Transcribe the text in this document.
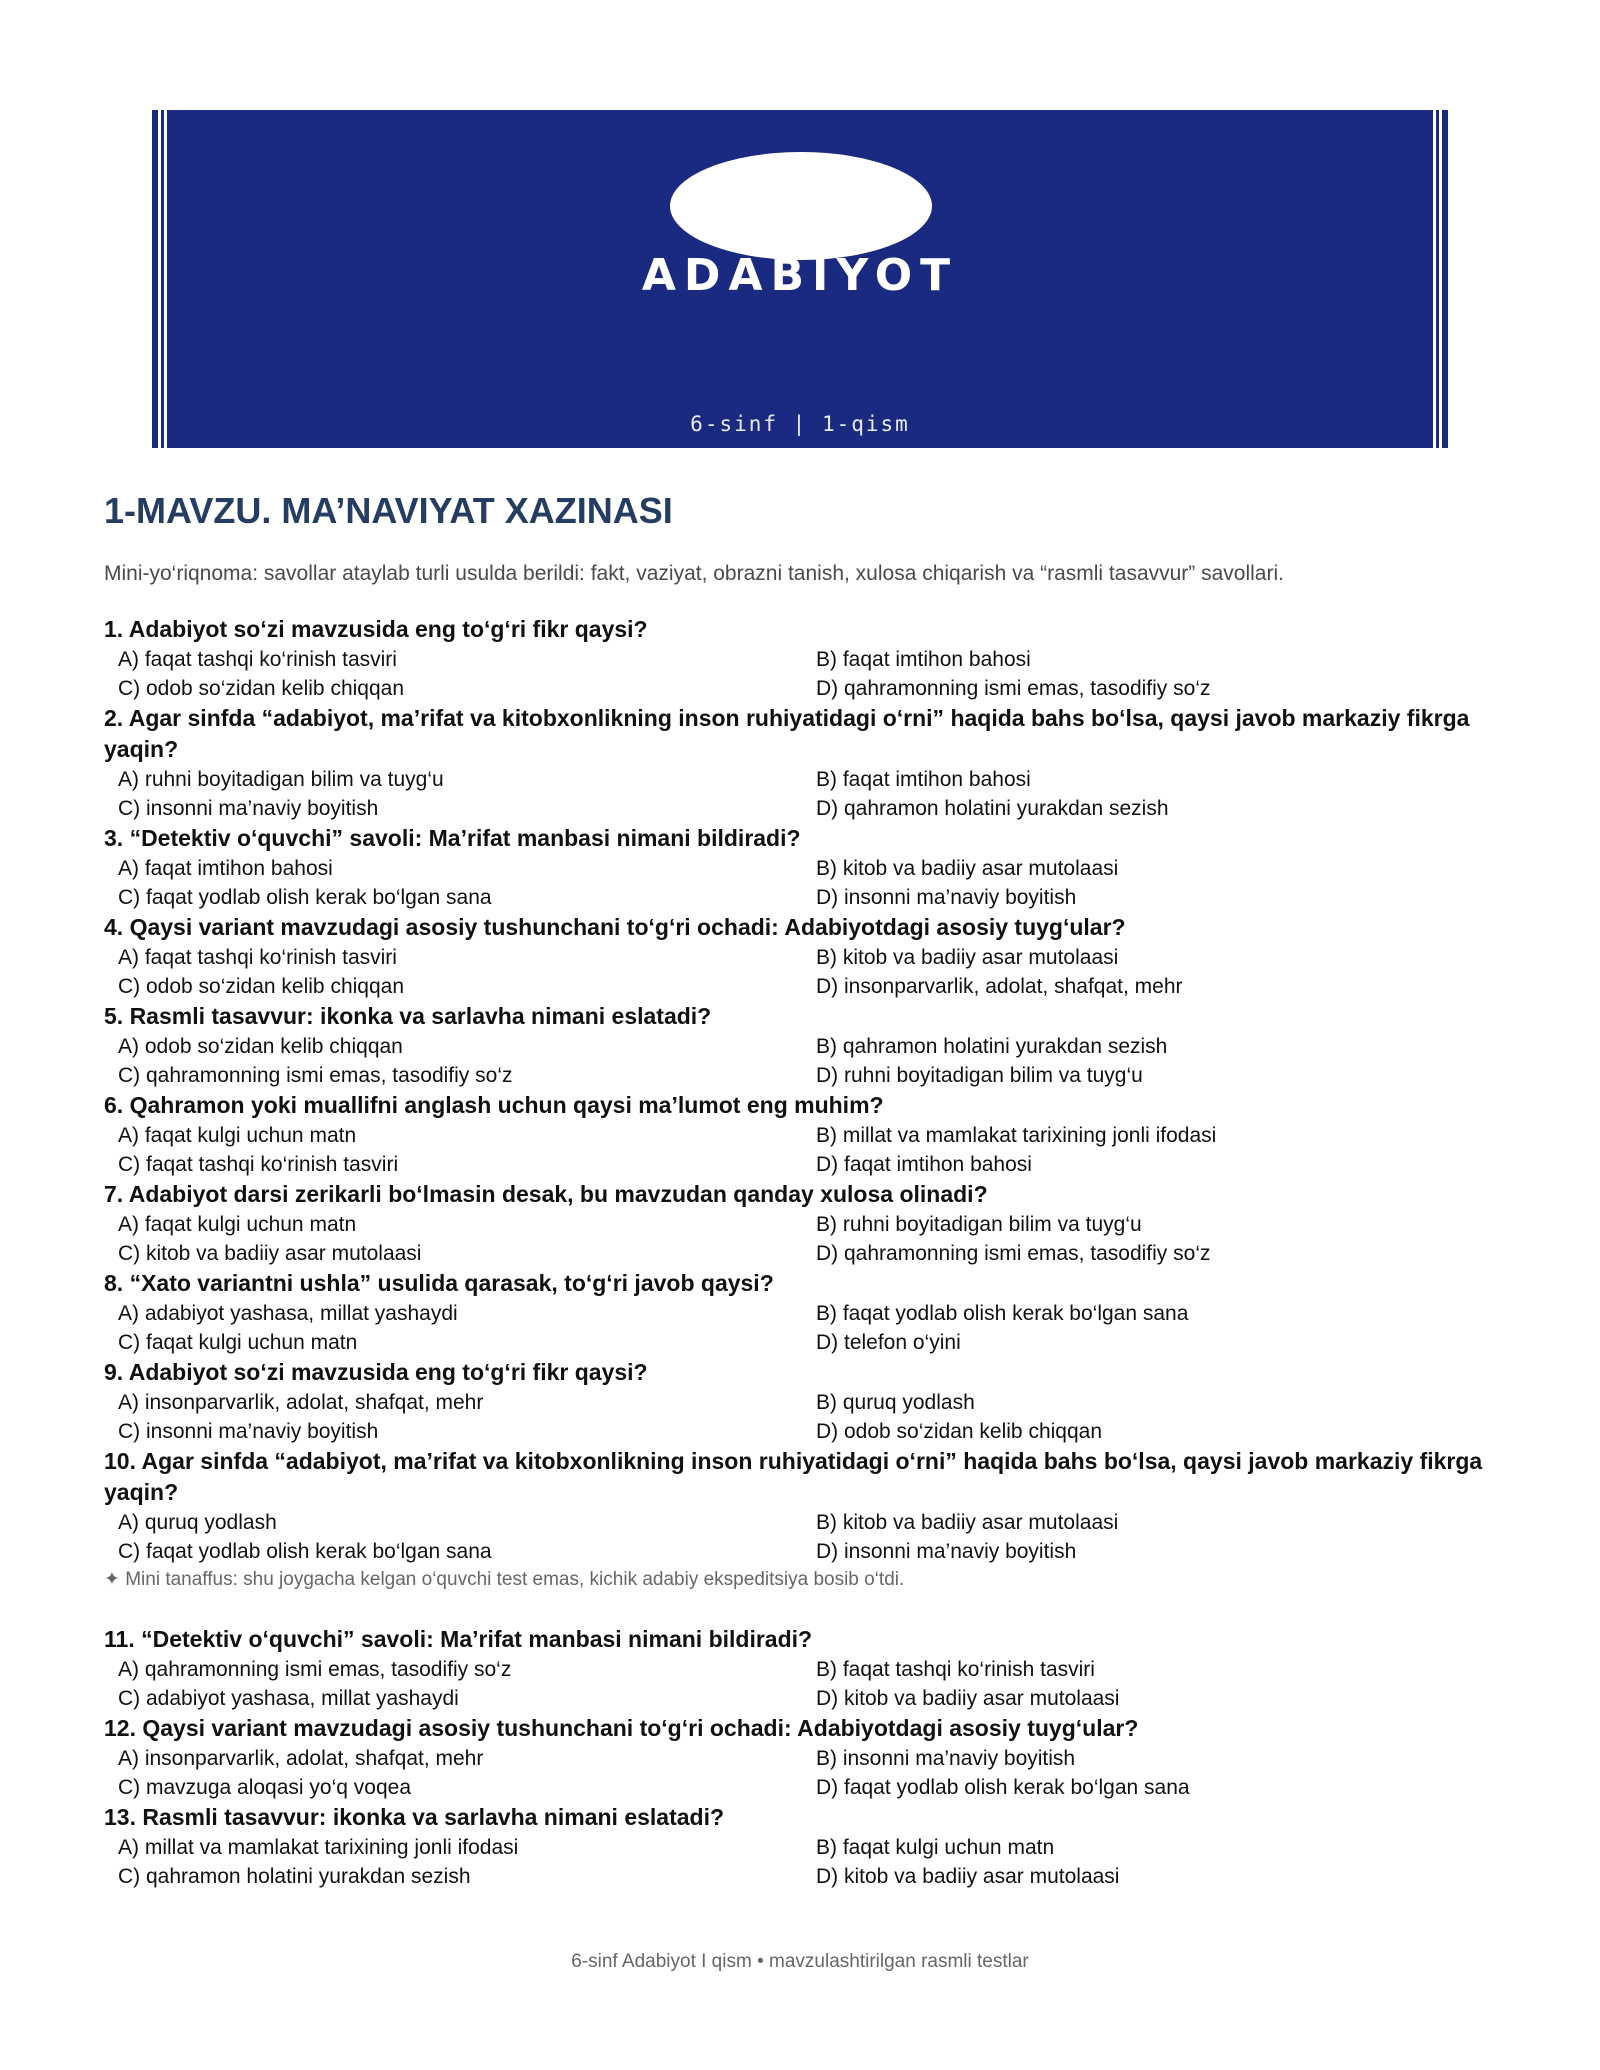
ADABIYOT
6-sinf | 1-qism
1-MAVZU. MA’NAVIYAT XAZINASI
Mini-yo‘riqnoma: savollar ataylab turli usulda berildi: fakt, vaziyat, obrazni tanish, xulosa chiqarish va “rasmli tasavvur” savollari.
1. Adabiyot so‘zi mavzusida eng to‘g‘ri fikr qaysi?
A) faqat tashqi ko‘rinish tasviri	B) faqat imtihon bahosi
C) odob so‘zidan kelib chiqqan	D) qahramonning ismi emas, tasodifiy so‘z
2. Agar sinfda “adabiyot, ma’rifat va kitobxonlikning inson ruhiyatidagi o‘rni” haqida bahs bo‘lsa, qaysi javob markaziy fikrga yaqin?
A) ruhni boyitadigan bilim va tuyg‘u	B) faqat imtihon bahosi
C) insonni ma’naviy boyitish	D) qahramon holatini yurakdan sezish
3. “Detektiv o‘quvchi” savoli: Ma’rifat manbasi nimani bildiradi?
A) faqat imtihon bahosi	B) kitob va badiiy asar mutolaasi
C) faqat yodlab olish kerak bo‘lgan sana	D) insonni ma’naviy boyitish
4. Qaysi variant mavzudagi asosiy tushunchani to‘g‘ri ochadi: Adabiyotdagi asosiy tuyg‘ular?
A) faqat tashqi ko‘rinish tasviri	B) kitob va badiiy asar mutolaasi
C) odob so‘zidan kelib chiqqan	D) insonparvarlik, adolat, shafqat, mehr
5. Rasmli tasavvur: ikonka va sarlavha nimani eslatadi?
A) odob so‘zidan kelib chiqqan	B) qahramon holatini yurakdan sezish
C) qahramonning ismi emas, tasodifiy so‘z	D) ruhni boyitadigan bilim va tuyg‘u
6. Qahramon yoki muallifni anglash uchun qaysi ma’lumot eng muhim?
A) faqat kulgi uchun matn	B) millat va mamlakat tarixining jonli ifodasi
C) faqat tashqi ko‘rinish tasviri	D) faqat imtihon bahosi
7. Adabiyot darsi zerikarli bo‘lmasin desak, bu mavzudan qanday xulosa olinadi?
A) faqat kulgi uchun matn	B) ruhni boyitadigan bilim va tuyg‘u
C) kitob va badiiy asar mutolaasi	D) qahramonning ismi emas, tasodifiy so‘z
8. “Xato variantni ushla” usulida qarasak, to‘g‘ri javob qaysi?
A) adabiyot yashasa, millat yashaydi	B) faqat yodlab olish kerak bo‘lgan sana
C) faqat kulgi uchun matn	D) telefon o‘yini
9. Adabiyot so‘zi mavzusida eng to‘g‘ri fikr qaysi?
A) insonparvarlik, adolat, shafqat, mehr	B) quruq yodlash
C) insonni ma’naviy boyitish	D) odob so‘zidan kelib chiqqan
10. Agar sinfda “adabiyot, ma’rifat va kitobxonlikning inson ruhiyatidagi o‘rni” haqida bahs bo‘lsa, qaysi javob markaziy fikrga yaqin?
A) quruq yodlash	B) kitob va badiiy asar mutolaasi
C) faqat yodlab olish kerak bo‘lgan sana	D) insonni ma’naviy boyitish
✦ Mini tanaffus: shu joygacha kelgan o‘quvchi test emas, kichik adabiy ekspeditsiya bosib o‘tdi.
11. “Detektiv o‘quvchi” savoli: Ma’rifat manbasi nimani bildiradi?
A) qahramonning ismi emas, tasodifiy so‘z	B) faqat tashqi ko‘rinish tasviri
C) adabiyot yashasa, millat yashaydi	D) kitob va badiiy asar mutolaasi
12. Qaysi variant mavzudagi asosiy tushunchani to‘g‘ri ochadi: Adabiyotdagi asosiy tuyg‘ular?
A) insonparvarlik, adolat, shafqat, mehr	B) insonni ma’naviy boyitish
C) mavzuga aloqasi yo‘q voqea	D) faqat yodlab olish kerak bo‘lgan sana
13. Rasmli tasavvur: ikonka va sarlavha nimani eslatadi?
A) millat va mamlakat tarixining jonli ifodasi	B) faqat kulgi uchun matn
C) qahramon holatini yurakdan sezish	D) kitob va badiiy asar mutolaasi
6-sinf Adabiyot I qism • mavzulashtirilgan rasmli testlar
